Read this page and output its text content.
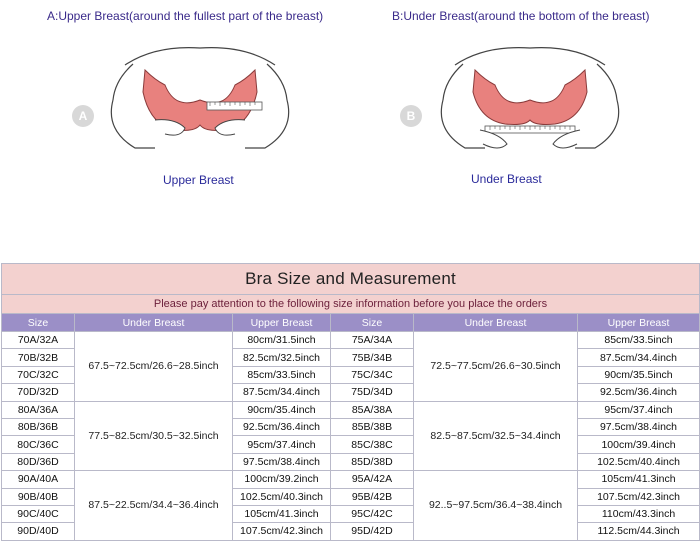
A:Upper Breast(around the fullest part of the breast)
A
Upper Breast
B:Under Breast(around the bottom of the breast)
B
Under Breast
Bra Size and Measurement					
Please pay attention to the following size information before you place the orders					
Size	Under Breast	Upper Breast	Size	Under Breast	Upper Breast
70A/32A	67.5~72.5cm/26.6~28.5inch	80cm/31.5inch	75A/34A	72.5~77.5cm/26.6~30.5inch	85cm/33.5inch
70B/32B		82.5cm/32.5inch	75B/34B		87.5cm/34.4inch
70C/32C		85cm/33.5inch	75C/34C		90cm/35.5inch
70D/32D		87.5cm/34.4inch	75D/34D		92.5cm/36.4inch
80A/36A	77.5~82.5cm/30.5~32.5inch	90cm/35.4inch	85A/38A	82.5~87.5cm/32.5~34.4inch	95cm/37.4inch
80B/36B		92.5cm/36.4inch	85B/38B		97.5cm/38.4inch
80C/36C		95cm/37.4inch	85C/38C		100cm/39.4inch
80D/36D		97.5cm/38.4inch	85D/38D		102.5cm/40.4inch
90A/40A	87.5~22.5cm/34.4~36.4inch	100cm/39.2inch	95A/42A	92..5~97.5cm/36.4~38.4inch	105cm/41.3inch
90B/40B		102.5cm/40.3inch	95B/42B		107.5cm/42.3inch
90C/40C		105cm/41.3inch	95C/42C		110cm/43.3inch
90D/40D		107.5cm/42.3inch	95D/42D		112.5cm/44.3inch
